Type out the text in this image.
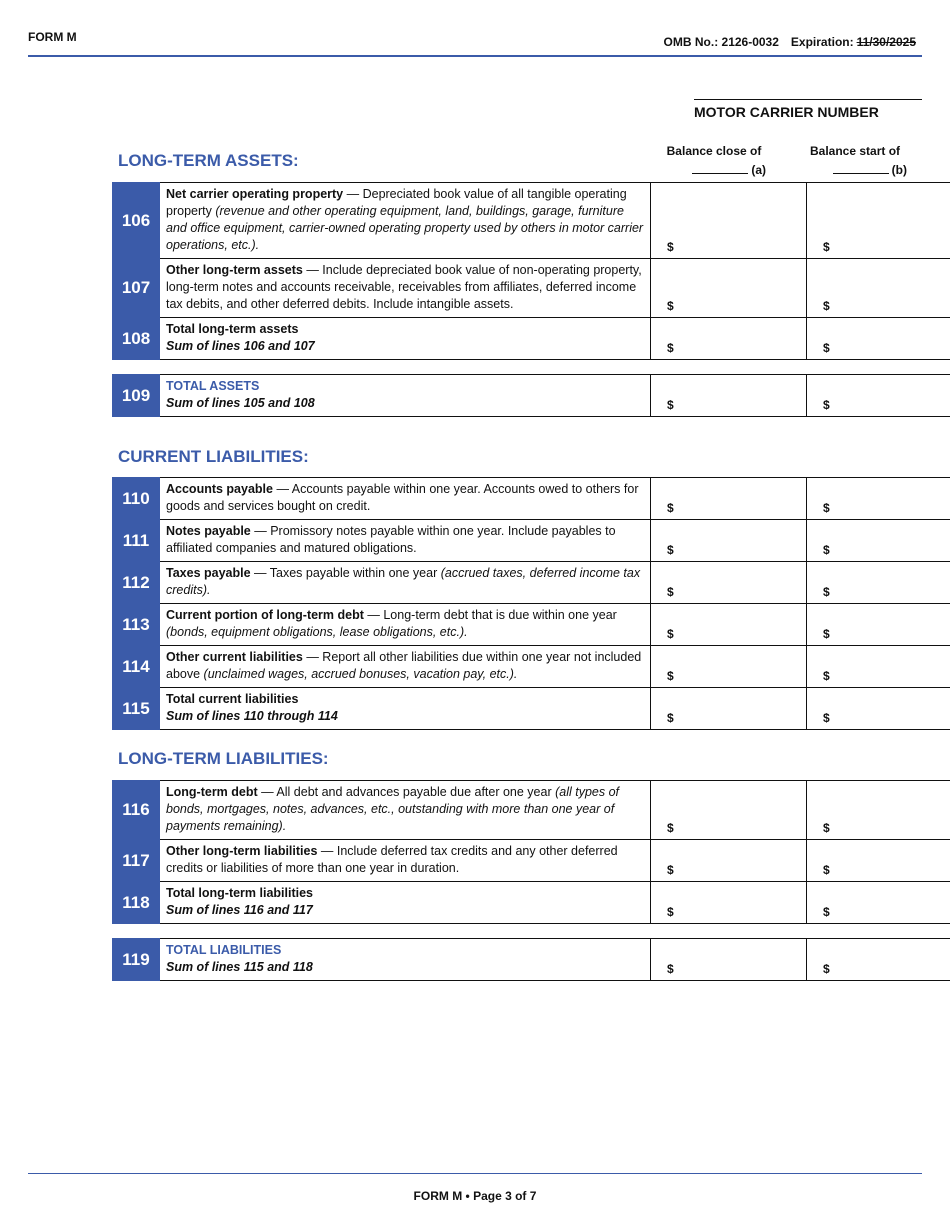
FORM M	OMB No.: 2126-0032 Expiration: 11/30/2025
MOTOR CARRIER NUMBER
Balance close of
(a)
Balance start of
(b)
LONG-TERM ASSETS:
106	Net carrier operating property — Depreciated book value of all tangible operating property (revenue and other operating equipment, land, buildings, garage, furniture and office equipment, carrier-owned operating property used by others in motor carrier operations, etc.).	$	$
107	Other long-term assets — Include depreciated book value of non-operating property, long-term notes and accounts receivable, receivables from affiliates, deferred income tax debits, and other deferred debits. Include intangible assets.	$	$
108	Total long-term assets
Sum of lines 106 and 107	$	$
109	TOTAL ASSETS
Sum of lines 105 and 108	$	$
CURRENT LIABILITIES:
110	Accounts payable — Accounts payable within one year. Accounts owed to others for goods and services bought on credit.	$	$
111	Notes payable — Promissory notes payable within one year. Include payables to affiliated companies and matured obligations.	$	$
112	Taxes payable — Taxes payable within one year (accrued taxes, deferred income tax credits).	$	$
113	Current portion of long-term debt — Long-term debt that is due within one year (bonds, equipment obligations, lease obligations, etc.).	$	$
114	Other current liabilities — Report all other liabilities due within one year not included above (unclaimed wages, accrued bonuses, vacation pay, etc.).	$	$
115	Total current liabilities
Sum of lines 110 through 114	$	$
LONG-TERM LIABILITIES:
116	Long-term debt — All debt and advances payable due after one year (all types of bonds, mortgages, notes, advances, etc., outstanding with more than one year of payments remaining).	$	$
117	Other long-term liabilities — Include deferred tax credits and any other deferred credits or liabilities of more than one year in duration.	$	$
118	Total long-term liabilities
Sum of lines 116 and 117	$	$
119	TOTAL LIABILITIES
Sum of lines 115 and 118	$	$
FORM M • Page 3 of 7
